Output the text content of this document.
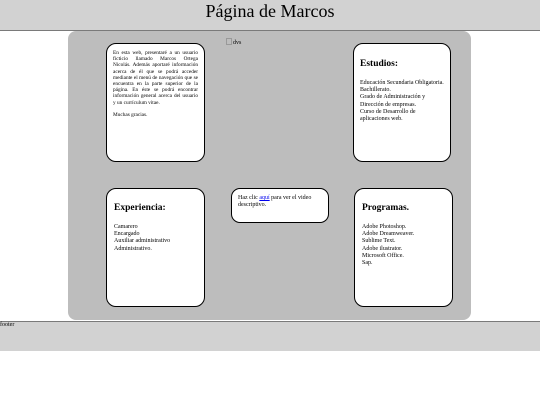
Página de Marcos
dvs

En esta web, presentaré a un usuario ficticio llamado Marcos Ortega Nicolás. Además aportaré información acerca de él que se podrá acceder mediante el menú de navegación que se encuentra en la parte superior de la página. En éste se podrá encontrar información general acerca del usuario y un currículum vitae.

Muchas gracias.

Estudios:
Educación Secundaria Obligatoria.
Bachillerato.
Grado de Administración y Dirección de empresas.
Curso de Desarrollo de aplicaciones web.
Experiencia:
Camarero
Encargado
Auxiliar administrativo
Administrativo.
Haz clic aquí para ver el video descriptivo.	Programas.
Adobe Photoshop.
Adobe Dreamweaver.
Sublime Text.
Adobe ilustrator.
Microsoft Office.
Sap.
footer
